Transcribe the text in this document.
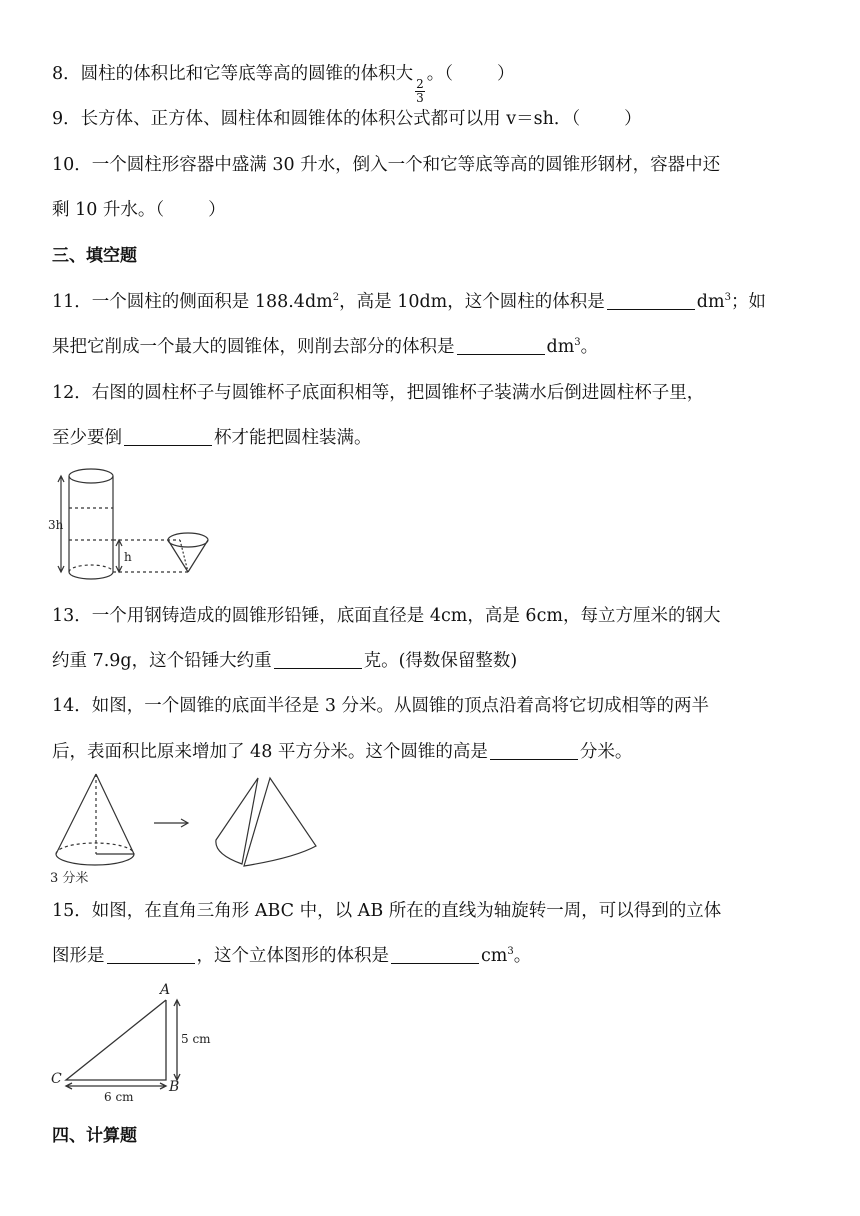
8．圆柱的体积比和它等底等高的圆锥的体积大
$\frac{2}{3}$
。（	）
9．长方体、正方体、圆柱体和圆锥体的体积公式都可以用 v＝sh．（	）
10．一个圆柱形容器中盛满 30 升水，倒入一个和它等底等高的圆锥形钢材，容器中还
剩 10 升水。（	）
三、填空题
11．一个圆柱的侧面积是 $188.4dm^2$，高是 10dm，这个圆柱的体积是	$dm^3$；如
果把它削成一个最大的圆锥体，则削去部分的体积是	$dm^3$。
12．右图的圆柱杯子与圆锥杯子底面积相等，把圆锥杯子装满水后倒进圆柱杯子里，
至少要倒	杯才能把圆柱装满。
3h
h
13．一个用钢铸造成的圆锥形铅锤，底面直径是 4cm，高是 6cm，每立方厘米的钢大
约重 7.9g，这个铅锤大约重	克。(得数保留整数)
14．如图，一个圆锥的底面半径是 3 分米。从圆锥的顶点沿着高将它切成相等的两半
后，表面积比原来增加了 48 平方分米。这个圆锥的高是	分米。
3 分米
15．如图，在直角三角形 ABC 中，以 AB 所在的直线为轴旋转一周，可以得到的立体
图形是	，这个立体图形的体积是	$cm^3$。
A
B
C
5 cm
6 cm
四、计算题
